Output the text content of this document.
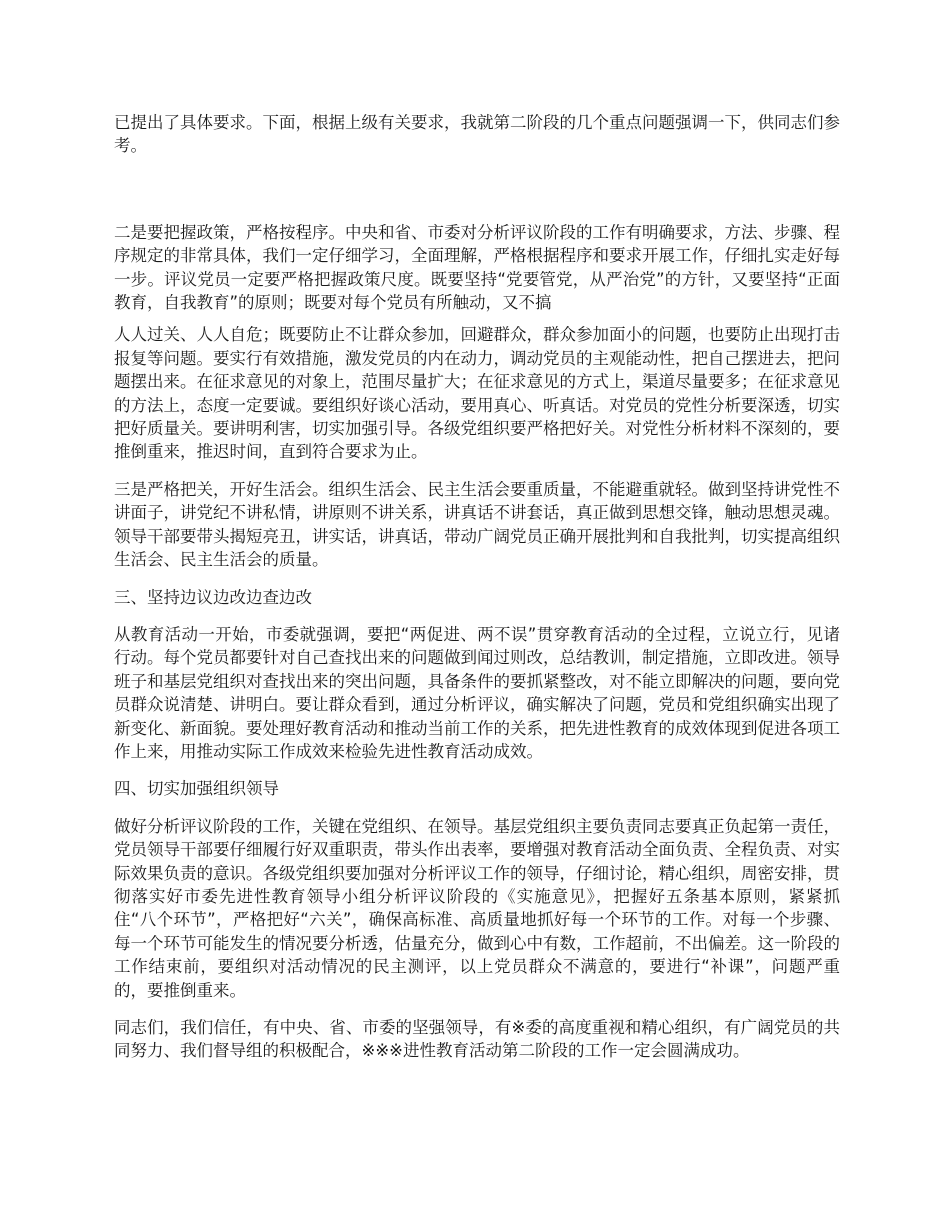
已提出了具体要求。下面，根据上级有关要求，我就第二阶段的几个重点问题强调一下，供同志们参考。

二是要把握政策，严格按程序。中央和省、市委对分析评议阶段的工作有明确要求，方法、步骤、程序规定的非常具体，我们一定仔细学习，全面理解，严格根据程序和要求开展工作，仔细扎实走好每一步。评议党员一定要严格把握政策尺度。既要坚持“党要管党，从严治党”的方针，又要坚持“正面教育，自我教育”的原则；既要对每个党员有所触动，又不搞

人人过关、人人自危；既要防止不让群众参加，回避群众，群众参加面小的问题，也要防止出现打击报复等问题。要实行有效措施，激发党员的内在动力，调动党员的主观能动性，把自己摆进去，把问题摆出来。在征求意见的对象上，范围尽量扩大；在征求意见的方式上，渠道尽量要多；在征求意见的方法上，态度一定要诚。要组织好谈心活动，要用真心、听真话。对党员的党性分析要深透，切实把好质量关。要讲明利害，切实加强引导。各级党组织要严格把好关。对党性分析材料不深刻的，要推倒重来，推迟时间，直到符合要求为止。

三是严格把关，开好生活会。组织生活会、民主生活会要重质量，不能避重就轻。做到坚持讲党性不讲面子，讲党纪不讲私情，讲原则不讲关系，讲真话不讲套话，真正做到思想交锋，触动思想灵魂。领导干部要带头揭短亮丑，讲实话，讲真话，带动广阔党员正确开展批判和自我批判，切实提高组织生活会、民主生活会的质量。

三、坚持边议边改边查边改

从教育活动一开始，市委就强调，要把“两促进、两不误”贯穿教育活动的全过程，立说立行，见诸行动。每个党员都要针对自己查找出来的问题做到闻过则改，总结教训，制定措施，立即改进。领导班子和基层党组织对查找出来的突出问题，具备条件的要抓紧整改，对不能立即解决的问题，要向党员群众说清楚、讲明白。要让群众看到，通过分析评议，确实解决了问题，党员和党组织确实出现了新变化、新面貌。要处理好教育活动和推动当前工作的关系，把先进性教育的成效体现到促进各项工作上来，用推动实际工作成效来检验先进性教育活动成效。

四、切实加强组织领导

做好分析评议阶段的工作，关键在党组织、在领导。基层党组织主要负责同志要真正负起第一责任，党员领导干部要仔细履行好双重职责，带头作出表率，要增强对教育活动全面负责、全程负责、对实际效果负责的意识。各级党组织要加强对分析评议工作的领导，仔细讨论，精心组织，周密安排，贯彻落实好市委先进性教育领导小组分析评议阶段的《实施意见》，把握好五条基本原则，紧紧抓住“八个环节”，严格把好“六关”，确保高标准、高质量地抓好每一个环节的工作。对每一个步骤、每一个环节可能发生的情况要分析透，估量充分，做到心中有数，工作超前，不出偏差。这一阶段的工作结束前，要组织对活动情况的民主测评，以上党员群众不满意的，要进行“补课”，问题严重的，要推倒重来。

同志们，我们信任，有中央、省、市委的坚强领导，有※委的高度重视和精心组织，有广阔党员的共同努力、我们督导组的积极配合，※※※进性教育活动第二阶段的工作一定会圆满成功。
